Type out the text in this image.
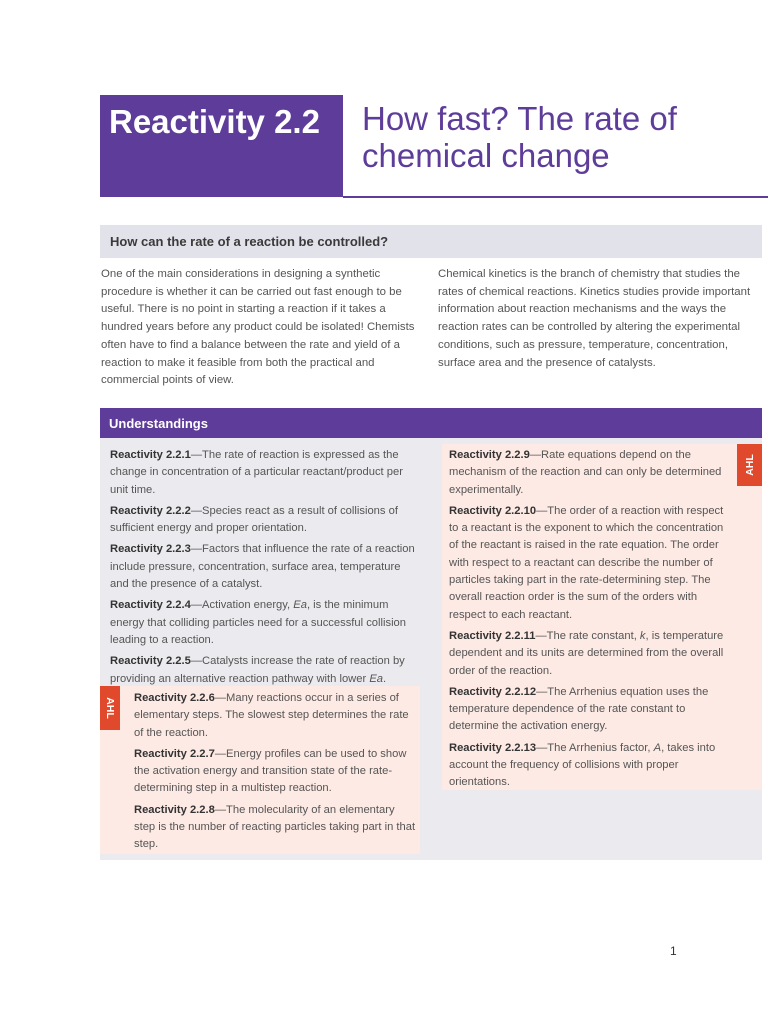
Reactivity 2.2 How fast? The rate of chemical change
How can the rate of a reaction be controlled?
One of the main considerations in designing a synthetic procedure is whether it can be carried out fast enough to be useful. There is no point in starting a reaction if it takes a hundred years before any product could be isolated! Chemists often have to find a balance between the rate and yield of a reaction to make it feasible from both the practical and commercial points of view.
Chemical kinetics is the branch of chemistry that studies the rates of chemical reactions. Kinetics studies provide important information about reaction mechanisms and the ways the reaction rates can be controlled by altering the experimental conditions, such as pressure, temperature, concentration, surface area and the presence of catalysts.
Understandings
AHL
AHL

Reactivity 2.2.1—The rate of reaction is expressed as the change in concentration of a particular reactant/product per unit time.

Reactivity 2.2.2—Species react as a result of collisions of sufficient energy and proper orientation.

Reactivity 2.2.3—Factors that influence the rate of a reaction include pressure, concentration, surface area, temperature and the presence of a catalyst.

Reactivity 2.2.4—Activation energy, Ea, is the minimum energy that colliding particles need for a successful collision leading to a reaction.

Reactivity 2.2.5—Catalysts increase the rate of reaction by providing an alternative reaction pathway with lower Ea.

Reactivity 2.2.6—Many reactions occur in a series of elementary steps. The slowest step determines the rate of the reaction.

Reactivity 2.2.7—Energy profiles can be used to show the activation energy and transition state of the rate-determining step in a multistep reaction.

Reactivity 2.2.8—The molecularity of an elementary step is the number of reacting particles taking part in that step.

Reactivity 2.2.9—Rate equations depend on the mechanism of the reaction and can only be determined experimentally.

Reactivity 2.2.10—The order of a reaction with respect to a reactant is the exponent to which the concentration of the reactant is raised in the rate equation. The order with respect to a reactant can describe the number of particles taking part in the rate-determining step. The overall reaction order is the sum of the orders with respect to each reactant.

Reactivity 2.2.11—The rate constant, k, is temperature dependent and its units are determined from the overall order of the reaction.

Reactivity 2.2.12—The Arrhenius equation uses the temperature dependence of the rate constant to determine the activation energy.

Reactivity 2.2.13—The Arrhenius factor, A, takes into account the frequency of collisions with proper orientations.

1
